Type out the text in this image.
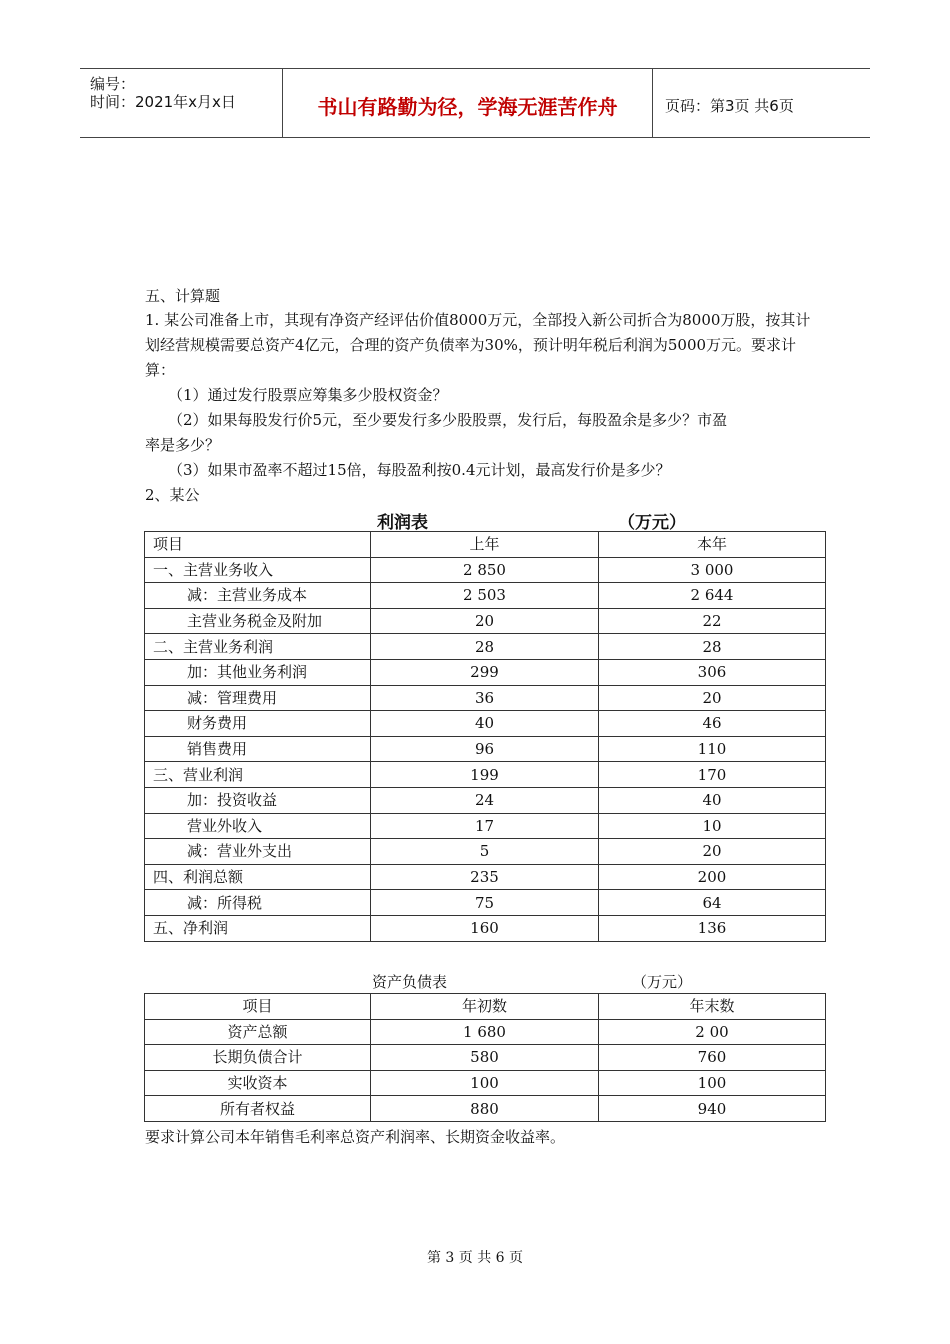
编号：
时间：2021年x月x日	书山有路勤为径，学海无涯苦作舟	页码：第3页 共6页
五、计算题
1. 某公司准备上市，其现有净资产经评估价值8000万元，全部投入新公司折合为8000万股，按其计划经营规模需要总资产4亿元，合理的资产负债率为30%，预计明年税后利润为5000万元。要求计算：
（1）通过发行股票应筹集多少股权资金？
（2）如果每股发行价5元，至少要发行多少股股票，发行后，每股盈余是多少？市盈
率是多少？
（3）如果市盈率不超过15倍，每股盈利按0.4元计划，最高发行价是多少？
2、某公
利润表	（万元）
项目	上年	本年
一、主营业务收入	2 850	3 000
减：主营业务成本	2 503	2 644
主营业务税金及附加	20	22
二、主营业务利润	28	28
加：其他业务利润	299	306
减：管理费用	36	20
财务费用	40	46
销售费用	96	110
三、营业利润	199	170
加：投资收益	24	40
营业外收入	17	10
减：营业外支出	5	20
四、利润总额	235	200
减：所得税	75	64
五、净利润	160	136
资产负债表	（万元）
项目	年初数	年末数
资产总额	1 680	2 00
长期负债合计	580	760
实收资本	100	100
所有者权益	880	940
要求计算公司本年销售毛利率总资产利润率、长期资金收益率。
第 3 页 共 6 页
